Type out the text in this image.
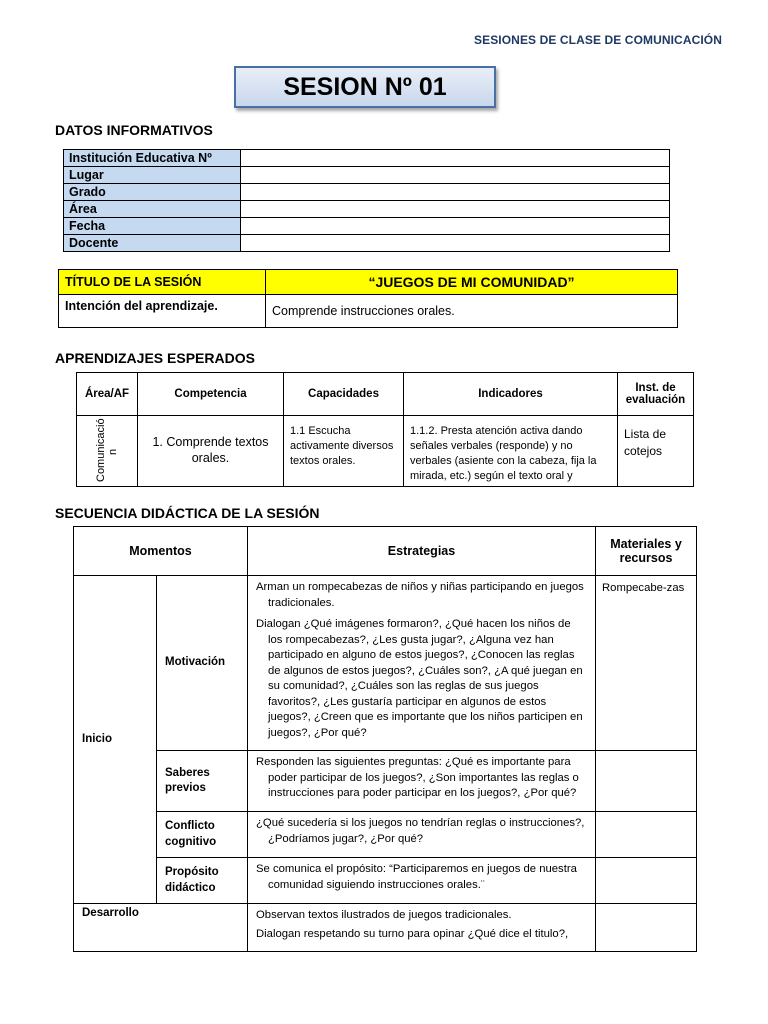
SESIONES DE CLASE DE COMUNICACIÓN
SESION Nº 01
DATOS INFORMATIVOS
Institución Educativa Nº	
Lugar	
Grado	
Área	
Fecha	
Docente	
TÍTULO DE LA SESIÓN	“JUEGOS DE MI COMUNIDAD”
Intención del aprendizaje.	Comprende instrucciones orales.
APRENDIZAJES ESPERADOS
Área/AF	Competencia	Capacidades	Indicadores	Inst. de evaluación

Comunicació n	1. Comprende textos orales.	1.1 Escucha activamente diversos textos orales.	1.1.2. Presta atención activa dando señales verbales (responde) y no verbales (asiente con la cabeza, fija la mirada, etc.) según el texto oral y	Lista de cotejos
SECUENCIA DIDÁCTICA DE LA SESIÓN
Momentos		Estrategias	Materiales y recursos
Inicio	Motivación	Arman un rompecabezas de niños y niñas participando en juegos tradicionales.

Dialogan ¿Qué imágenes formaron?, ¿Qué hacen los niños de los rompecabezas?, ¿Les gusta jugar?, ¿Alguna vez han participado en alguno de estos juegos?, ¿Conocen las reglas de algunos de estos juegos?, ¿Cuáles son?, ¿A qué juegan en su comunidad?, ¿Cuáles son las reglas de sus juegos favoritos?, ¿Les gustaría participar en algunos de estos juegos?, ¿Creen que es importante que los niños participen en juegos?, ¿Por qué?	Rompecabe-zas
	Saberes previos	Responden las siguientes preguntas: ¿Qué es importante para poder participar de los juegos?, ¿Son importantes las reglas o instrucciones para poder participar en los juegos?, ¿Por qué?	

	Conflicto cognitivo	¿Qué sucedería si los juegos no tendrían reglas o instrucciones?, ¿Podríamos jugar?, ¿Por qué?	

	Propósito didáctico	Se comunica el propósito: “Participaremos en juegos de nuestra comunidad siguiendo instrucciones orales.¨	

Desarrollo		Observan textos ilustrados de juegos tradicionales.

Dialogan respetando su turno para opinar ¿Qué dice el titulo?,	
